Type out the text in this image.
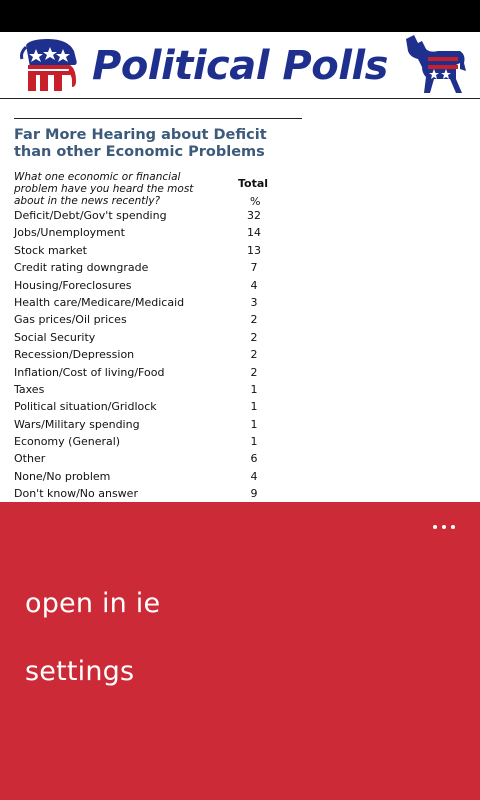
Political Polls
Far More Hearing about Deficit
than other Economic Problems
What one economic or financial
problem have you heard the most
about in the news recently?
Total
%
Deficit/Debt/Gov't spending	32
Jobs/Unemployment	14
Stock market	13
Credit rating downgrade	7
Housing/Foreclosures	4
Health care/Medicare/Medicaid	3
Gas prices/Oil prices	2
Social Security	2
Recession/Depression	2
Inflation/Cost of living/Food	2
Taxes	1
Political situation/Gridlock	1
Wars/Military spending	1
Economy (General)	1
Other	6
None/No problem	4
Don't know/No answer	9
open in ie
settings
